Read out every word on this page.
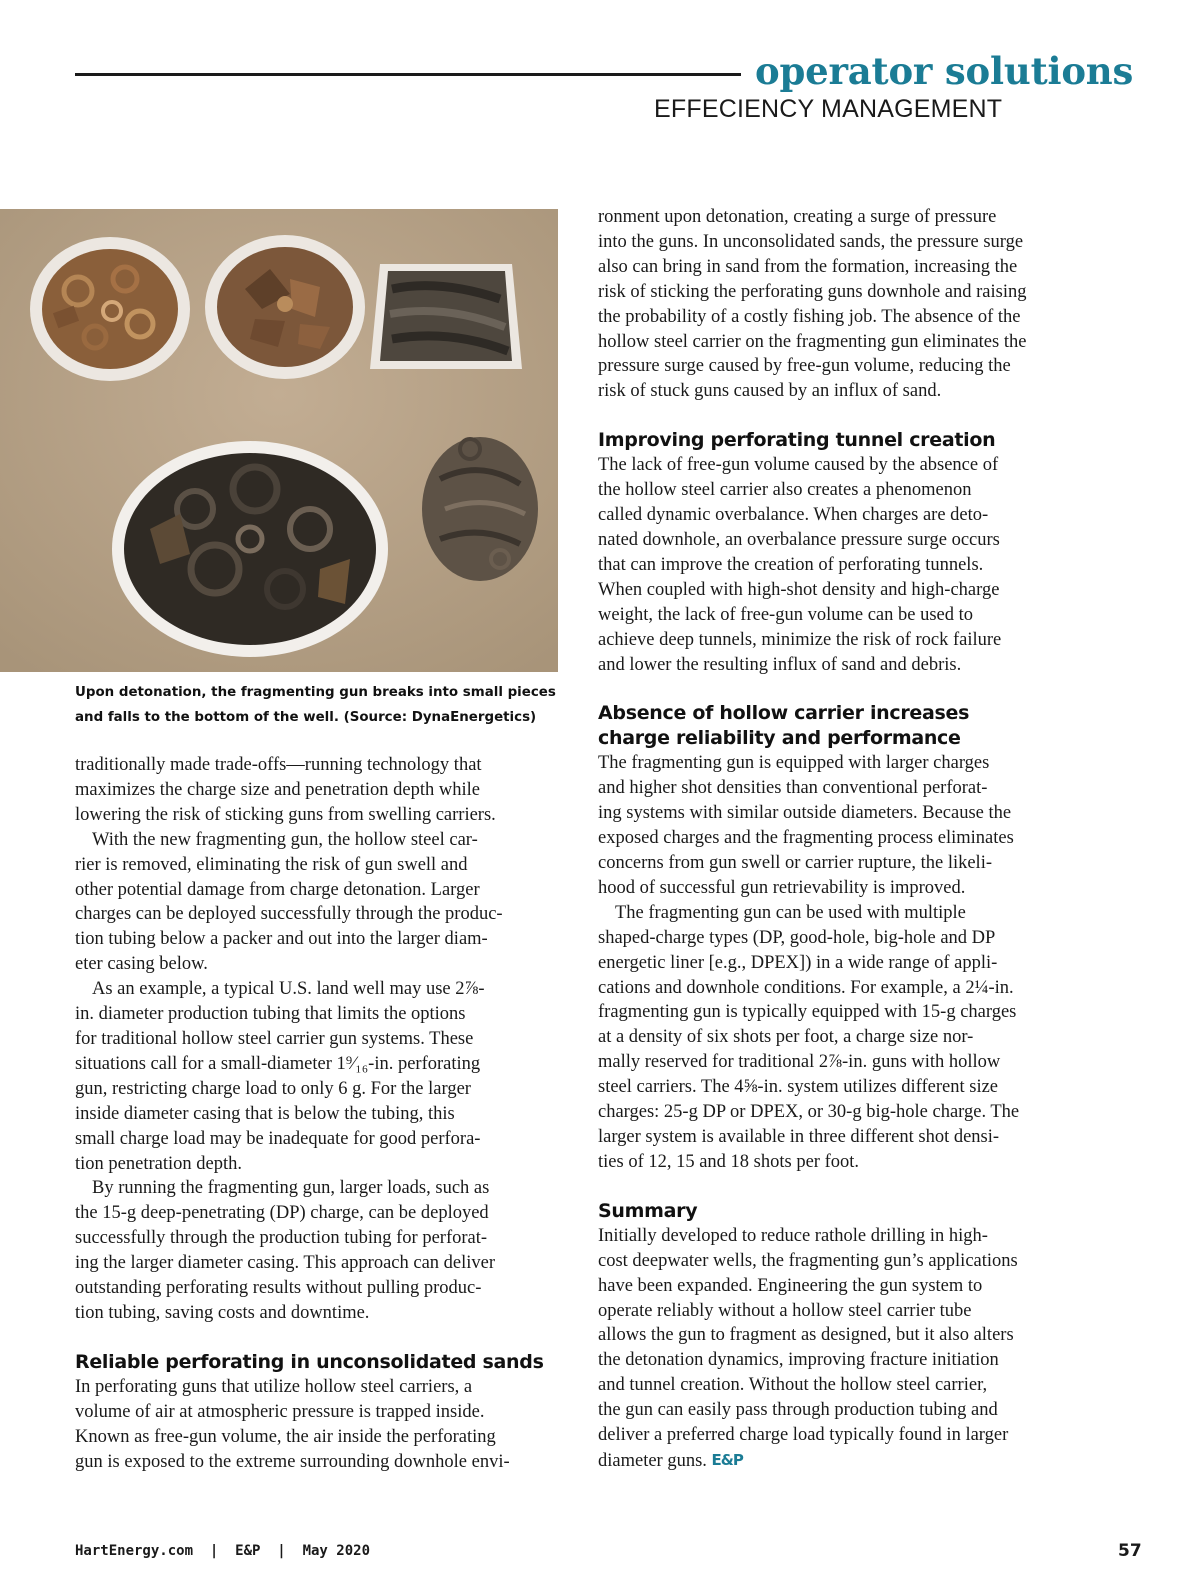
operator solutions
EFFECIENCY MANAGEMENT

Upon detonation, the fragmenting gun breaks into small pieces

and falls to the bottom of the well. (Source: DynaEnergetics)

traditionally made trade-offs—running technology that

maximizes the charge size and penetration depth while

lowering the risk of sticking guns from swelling carriers.

With the new fragmenting gun, the hollow steel car-

rier is removed, eliminating the risk of gun swell and

other potential damage from charge detonation. Larger

charges can be deployed successfully through the produc-

tion tubing below a packer and out into the larger diam-

eter casing below.

As an example, a typical U.S. land well may use 2⅞-

in. diameter production tubing that limits the options

for traditional hollow steel carrier gun systems. These

situations call for a small-diameter 1⁹⁄₁₆-in. perforating

gun, restricting charge load to only 6 g. For the larger

inside diameter casing that is below the tubing, this

small charge load may be inadequate for good perfora-

tion penetration depth.

By running the fragmenting gun, larger loads, such as

the 15-g deep-penetrating (DP) charge, can be deployed

successfully through the production tubing for perforat-

ing the larger diameter casing. This approach can deliver

outstanding perforating results without pulling produc-

tion tubing, saving costs and downtime.

Reliable perforating in unconsolidated sands

In perforating guns that utilize hollow steel carriers, a

volume of air at atmospheric pressure is trapped inside.

Known as free-gun volume, the air inside the perforating

gun is exposed to the extreme surrounding downhole envi-

ronment upon detonation, creating a surge of pressure

into the guns. In unconsolidated sands, the pressure surge

also can bring in sand from the formation, increasing the

risk of sticking the perforating guns downhole and raising

the probability of a costly fishing job. The absence of the

hollow steel carrier on the fragmenting gun eliminates the

pressure surge caused by free-gun volume, reducing the

risk of stuck guns caused by an influx of sand.

Improving perforating tunnel creation

The lack of free-gun volume caused by the absence of

the hollow steel carrier also creates a phenomenon

called dynamic overbalance. When charges are deto-

nated downhole, an overbalance pressure surge occurs

that can improve the creation of perforating tunnels.

When coupled with high-shot density and high-charge

weight, the lack of free-gun volume can be used to

achieve deep tunnels, minimize the risk of rock failure

and lower the resulting influx of sand and debris.

Absence of hollow carrier increases

charge reliability and performance

The fragmenting gun is equipped with larger charges

and higher shot densities than conventional perforat-

ing systems with similar outside diameters. Because the

exposed charges and the fragmenting process eliminates

concerns from gun swell or carrier rupture, the likeli-

hood of successful gun retrievability is improved.

The fragmenting gun can be used with multiple

shaped-charge types (DP, good-hole, big-hole and DP

energetic liner [e.g., DPEX]) in a wide range of appli-

cations and downhole conditions. For example, a 2¼-in.

fragmenting gun is typically equipped with 15-g charges

at a density of six shots per foot, a charge size nor-

mally reserved for traditional 2⅞-in. guns with hollow

steel carriers. The 4⅝-in. system utilizes different size

charges: 25-g DP or DPEX, or 30-g big-hole charge. The

larger system is available in three different shot densi-

ties of 12, 15 and 18 shots per foot.

Summary

Initially developed to reduce rathole drilling in high-

cost deepwater wells, the fragmenting gun’s applications

have been expanded. Engineering the gun system to

operate reliably without a hollow steel carrier tube

allows the gun to fragment as designed, but it also alters

the detonation dynamics, improving fracture initiation

and tunnel creation. Without the hollow steel carrier,

the gun can easily pass through production tubing and

deliver a preferred charge load typically found in larger

diameter guns. E&P

HartEnergy.com  |  E&P  |  May 2020	57
